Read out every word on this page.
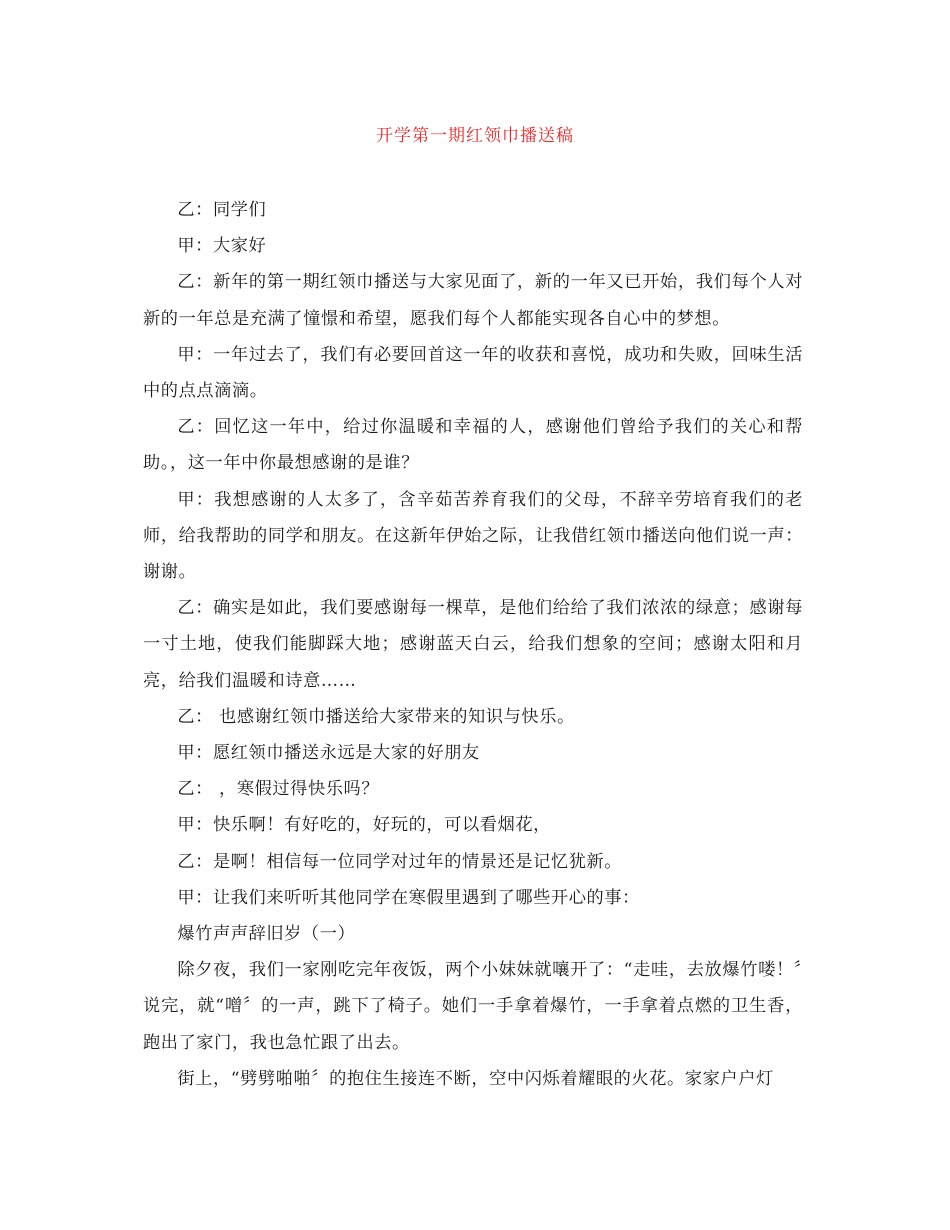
开学第一期红领巾播送稿

乙：同学们

甲：大家好

乙：新年的第一期红领巾播送与大家见面了，新的一年又已开始，我们每个人对新的一年总是充满了憧憬和希望，愿我们每个人都能实现各自心中的梦想。

甲：一年过去了，我们有必要回首这一年的收获和喜悦，成功和失败，回味生活中的点点滴滴。

乙：回忆这一年中，给过你温暖和幸福的人，感谢他们曾给予我们的关心和帮助。，这一年中你最想感谢的是谁？

甲：我想感谢的人太多了，含辛茹苦养育我们的父母，不辞辛劳培育我们的老师，给我帮助的同学和朋友。在这新年伊始之际，让我借红领巾播送向他们说一声：谢谢。

乙：确实是如此，我们要感谢每一棵草，是他们给给了我们浓浓的绿意；感谢每一寸土地，使我们能脚踩大地；感谢蓝天白云，给我们想象的空间；感谢太阳和月亮，给我们温暖和诗意……

乙： 也感谢红领巾播送给大家带来的知识与快乐。

甲：愿红领巾播送永远是大家的好朋友

乙： ，寒假过得快乐吗？

甲：快乐啊！有好吃的，好玩的，可以看烟花，

乙：是啊！相信每一位同学对过年的情景还是记忆犹新。

甲：让我们来听听其他同学在寒假里遇到了哪些开心的事：

爆竹声声辞旧岁（一）

除夕夜，我们一家刚吃完年夜饭，两个小妹妹就嚷开了：“走哇，去放爆竹喽！〞说完，就“噌〞的一声，跳下了椅子。她们一手拿着爆竹，一手拿着点燃的卫生香，跑出了家门，我也急忙跟了出去。

街上，“劈劈啪啪〞的抱住生接连不断，空中闪烁着耀眼的火花。家家户户灯
